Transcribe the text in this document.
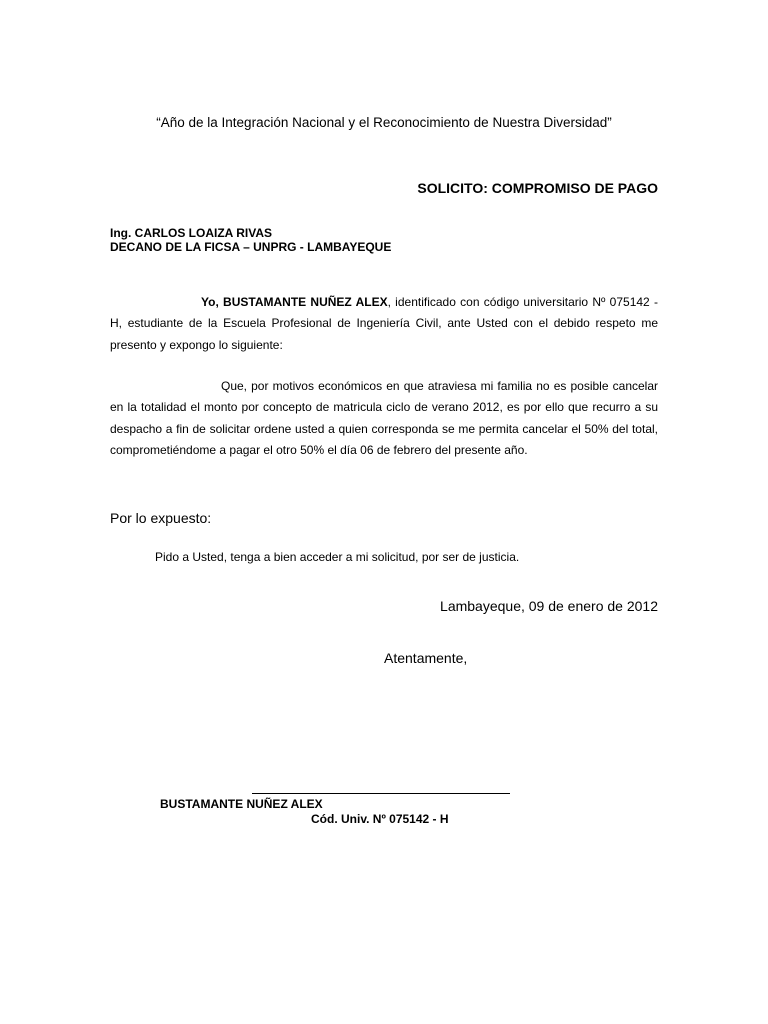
“Año de la Integración Nacional y el Reconocimiento de Nuestra Diversidad”
SOLICITO: COMPROMISO DE PAGO
Ing. CARLOS LOAIZA RIVAS
DECANO DE LA FICSA – UNPRG - LAMBAYEQUE
Yo, BUSTAMANTE NUÑEZ ALEX, identificado con código universitario Nº 075142 - H, estudiante de la Escuela Profesional de Ingeniería Civil, ante Usted con el debido respeto me presento y expongo lo siguiente:
Que, por motivos económicos en que atraviesa mi familia no es posible cancelar en la totalidad el monto por concepto de matricula ciclo de verano 2012, es por ello que recurro a su despacho a fin de solicitar ordene usted a quien corresponda se me permita cancelar el 50% del total, comprometiéndome a pagar el otro 50% el día 06 de febrero del presente año.
Por lo expuesto:
Pido a Usted, tenga a bien acceder a mi solicitud, por ser de justicia.
Lambayeque, 09 de enero de 2012
Atentamente,
BUSTAMANTE NUÑEZ ALEX
Cód. Univ. Nº 075142 - H
